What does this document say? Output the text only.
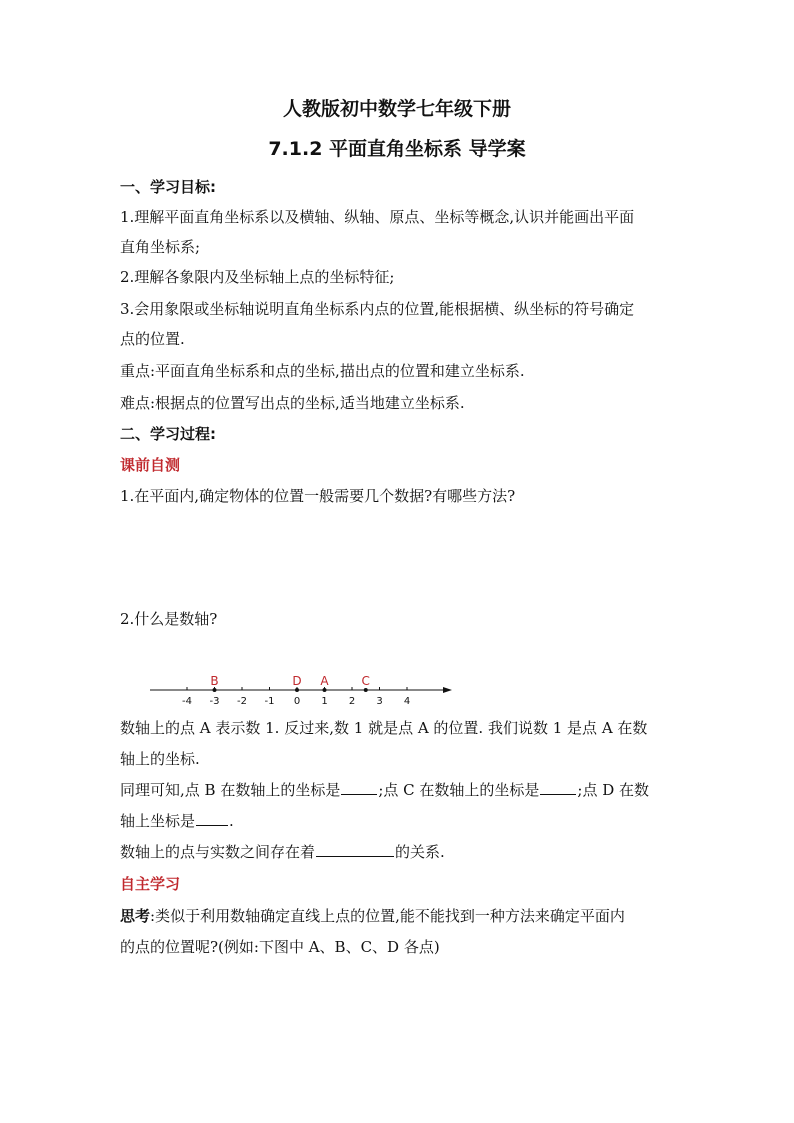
人教版初中数学七年级下册
7.1.2 平面直角坐标系 导学案
一、学习目标:
1.理解平面直角坐标系以及横轴、纵轴、原点、坐标等概念,认识并能画出平面
直角坐标系;
2.理解各象限内及坐标轴上点的坐标特征;
3.会用象限或坐标轴说明直角坐标系内点的位置,能根据横、纵坐标的符号确定
点的位置.
重点:平面直角坐标系和点的坐标,描出点的位置和建立坐标系.
难点:根据点的位置写出点的坐标,适当地建立坐标系.
二、学习过程:
课前自测
1.在平面内,确定物体的位置一般需要几个数据?有哪些方法?
2.什么是数轴?
-4 -3 -2 -1 0 1 2 3 4
B	D A	C
数轴上的点 A 表示数 1. 反过来,数 1 就是点 A 的位置. 我们说数 1 是点 A 在数
轴上的坐标.
同理可知,点 B 在数轴上的坐标是	;点 C 在数轴上的坐标是	;点 D 在数
轴上坐标是 .
数轴上的点与实数之间存在着	的关系.
自主学习
思考:类似于利用数轴确定直线上点的位置,能不能找到一种方法来确定平面内
的点的位置呢?(例如:下图中 A、B、C、D 各点)
